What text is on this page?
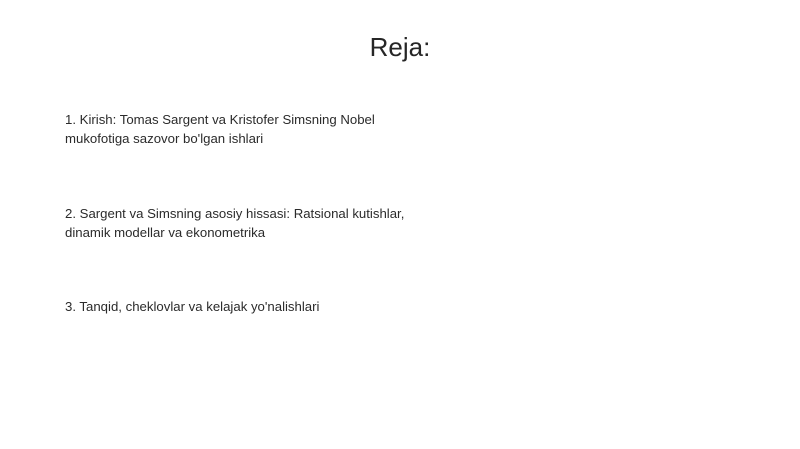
Reja:
1. Kirish: Tomas Sargent va Kristofer Simsning Nobel mukofotiga sazovor bo'lgan ishlari
2. Sargent va Simsning asosiy hissasi: Ratsional kutishlar, dinamik modellar va ekonometrika
3. Tanqid, cheklovlar va kelajak yo'nalishlari
